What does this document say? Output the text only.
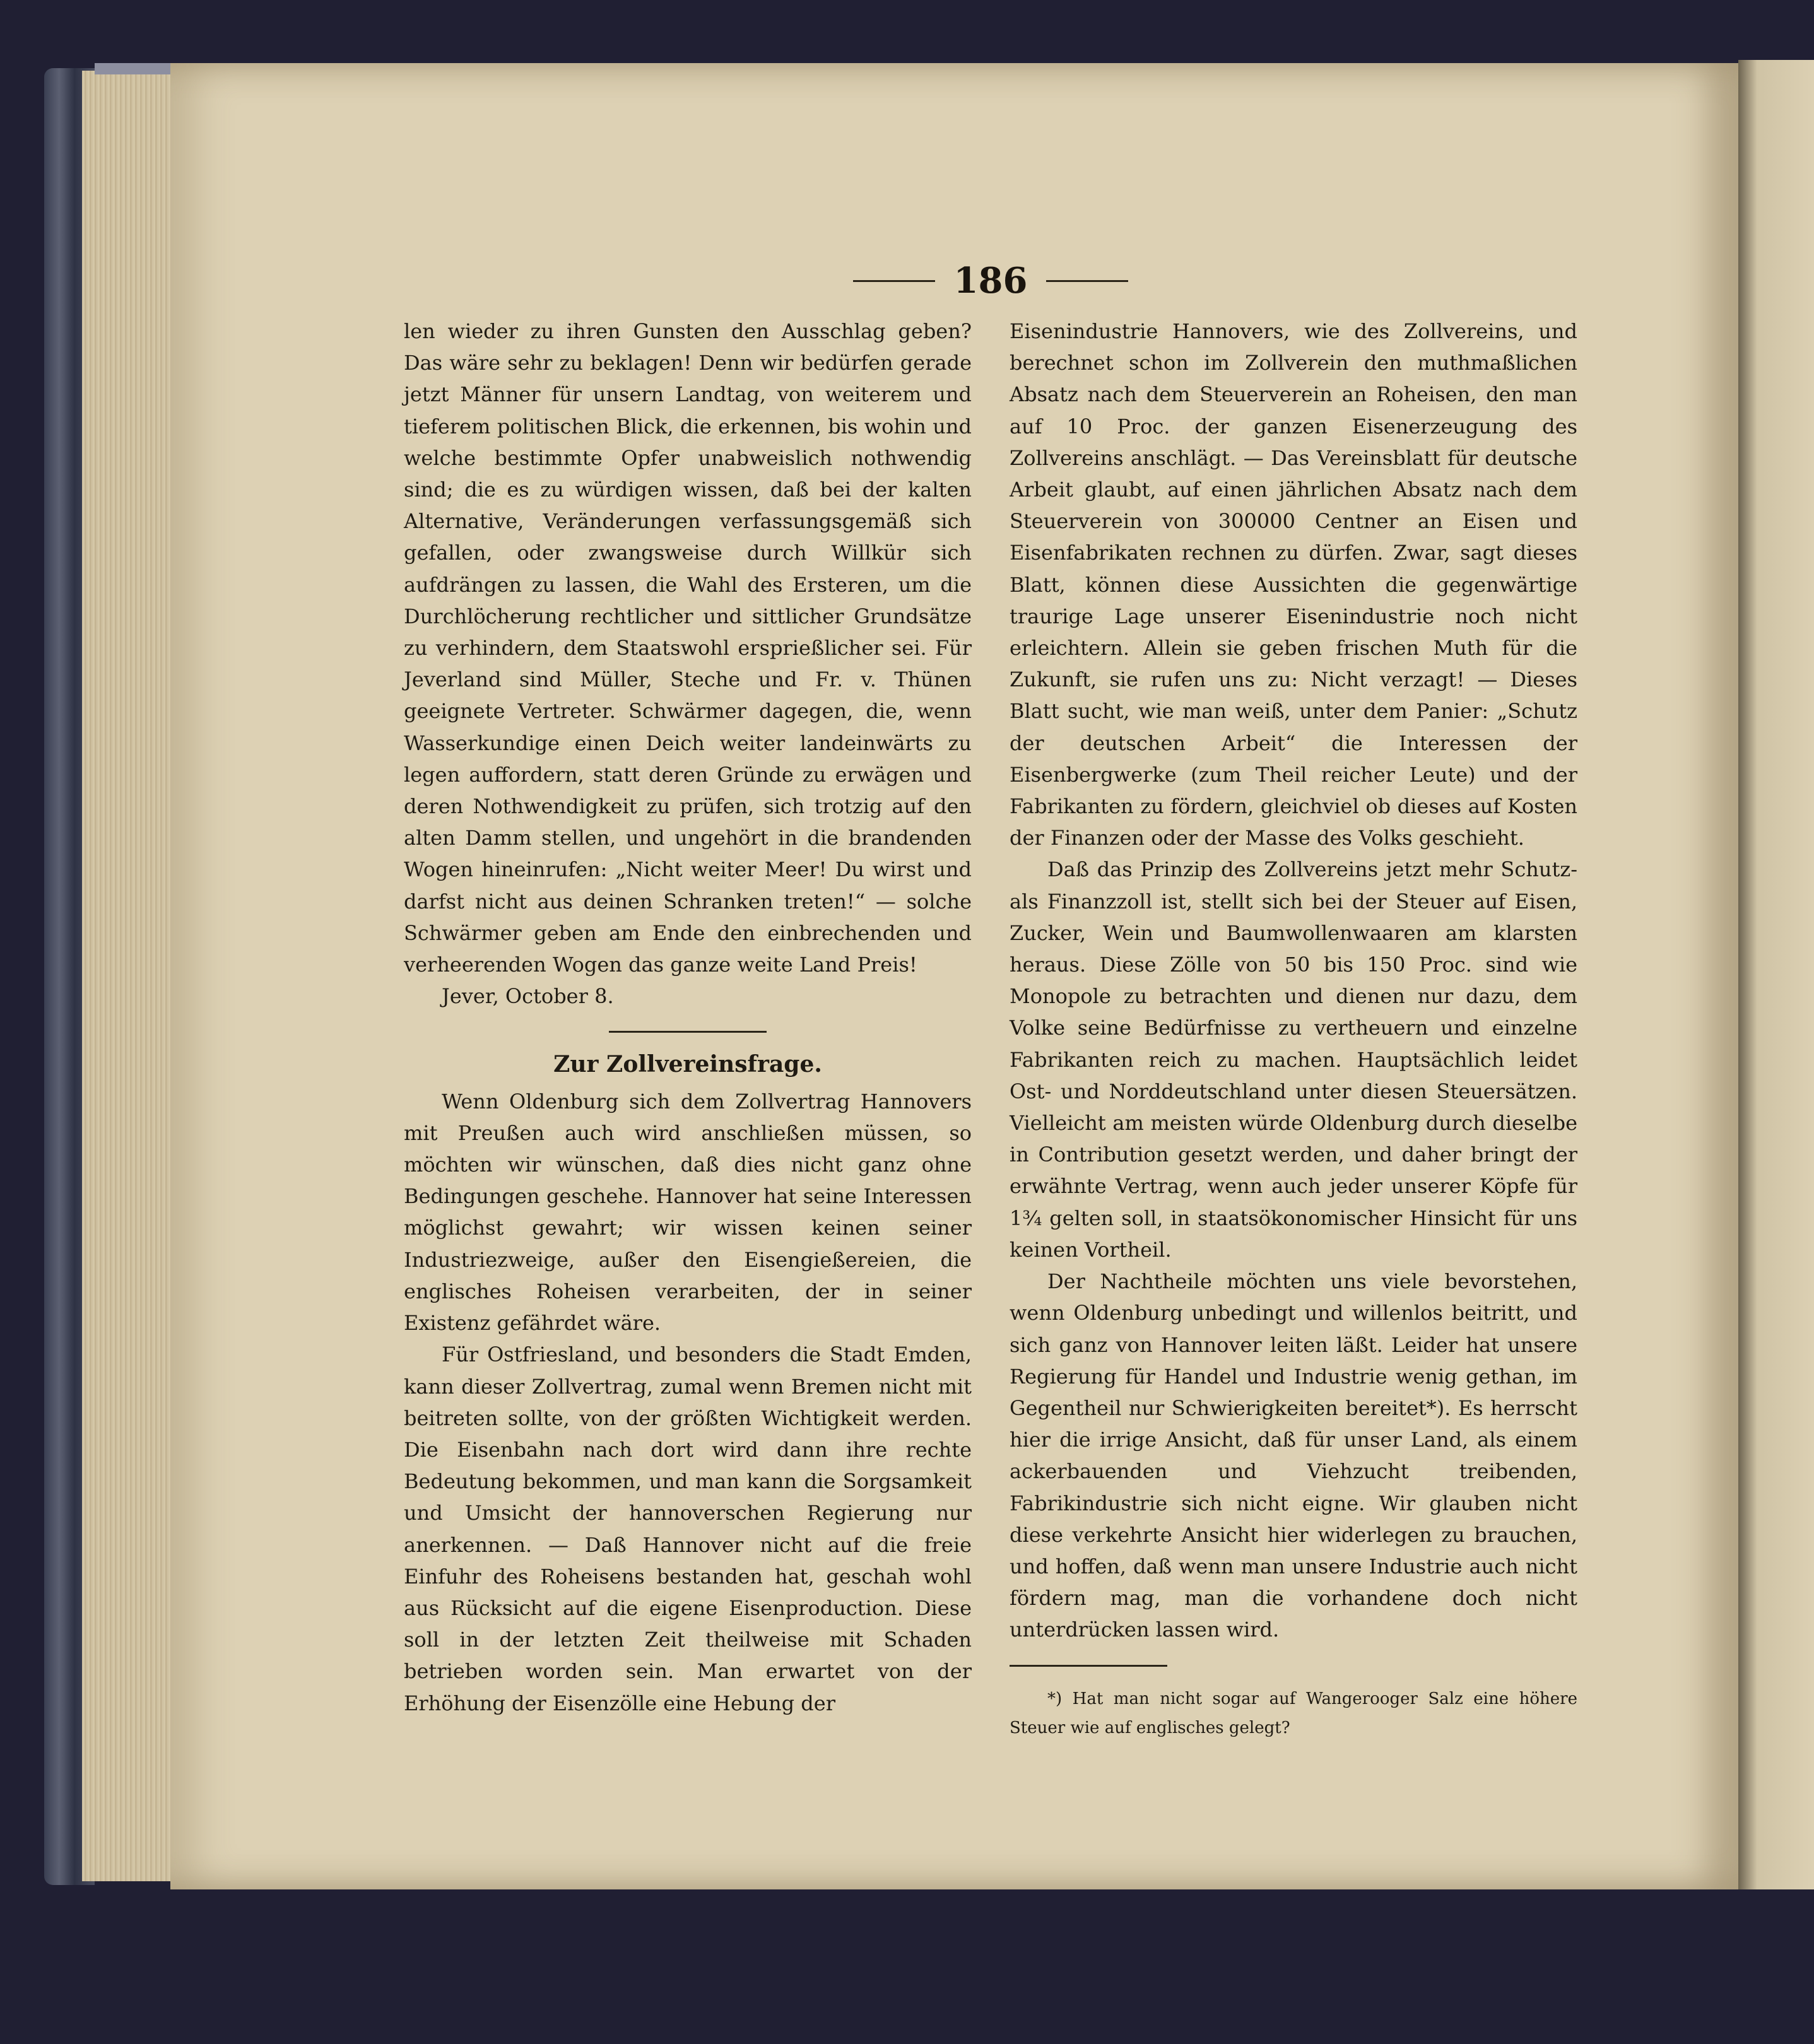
186

len wieder zu ihren Gunsten den Ausschlag geben? Das wäre sehr zu beklagen! Denn wir bedürfen gerade jetzt Männer für unsern Landtag, von weiterem und tieferem politischen Blick, die erkennen, bis wohin und welche bestimmte Opfer unabweislich nothwendig sind; die es zu würdigen wissen, daß bei der kalten Alternative, Veränderungen verfassungsgemäß sich gefallen, oder zwangsweise durch Willkür sich aufdrängen zu lassen, die Wahl des Ersteren, um die Durchlöcherung rechtlicher und sittlicher Grundsätze zu verhindern, dem Staatswohl ersprießlicher sei. Für Jeverland sind Müller, Steche und Fr. v. Thünen geeignete Vertreter. Schwärmer dagegen, die, wenn Wasserkundige einen Deich weiter landeinwärts zu legen auffordern, statt deren Gründe zu erwägen und deren Nothwendigkeit zu prüfen, sich trotzig auf den alten Damm stellen, und ungehört in die brandenden Wogen hineinrufen: „Nicht weiter Meer! Du wirst und darfst nicht aus deinen Schranken treten!“ — solche Schwärmer geben am Ende den einbrechenden und verheerenden Wogen das ganze weite Land Preis!

Jever, October 8.

Zur Zollvereinsfrage.

Wenn Oldenburg sich dem Zollvertrag Hannovers mit Preußen auch wird anschließen müssen, so möchten wir wünschen, daß dies nicht ganz ohne Bedingungen geschehe. Hannover hat seine Interessen möglichst gewahrt; wir wissen keinen seiner Industriezweige, außer den Eisengießereien, die englisches Roheisen verarbeiten, der in seiner Existenz gefährdet wäre.

Für Ostfriesland, und besonders die Stadt Emden, kann dieser Zollvertrag, zumal wenn Bremen nicht mit beitreten sollte, von der größten Wichtigkeit werden. Die Eisenbahn nach dort wird dann ihre rechte Bedeutung bekommen, und man kann die Sorgsamkeit und Umsicht der hannoverschen Regierung nur anerkennen. — Daß Hannover nicht auf die freie Einfuhr des Roheisens bestanden hat, geschah wohl aus Rücksicht auf die eigene Eisenproduction. Diese soll in der letzten Zeit theilweise mit Schaden betrieben worden sein. Man erwartet von der Erhöhung der Eisenzölle eine Hebung der

Eisenindustrie Hannovers, wie des Zollvereins, und berechnet schon im Zollverein den muthmaßlichen Absatz nach dem Steuerverein an Roheisen, den man auf 10 Proc. der ganzen Eisenerzeugung des Zollvereins anschlägt. — Das Vereinsblatt für deutsche Arbeit glaubt, auf einen jährlichen Absatz nach dem Steuerverein von 300000 Centner an Eisen und Eisenfabrikaten rechnen zu dürfen. Zwar, sagt dieses Blatt, können diese Aussichten die gegenwärtige traurige Lage unserer Eisenindustrie noch nicht erleichtern. Allein sie geben frischen Muth für die Zukunft, sie rufen uns zu: Nicht verzagt! — Dieses Blatt sucht, wie man weiß, unter dem Panier: „Schutz der deutschen Arbeit“ die Interessen der Eisenbergwerke (zum Theil reicher Leute) und der Fabrikanten zu fördern, gleichviel ob dieses auf Kosten der Finanzen oder der Masse des Volks geschieht.

Daß das Prinzip des Zollvereins jetzt mehr Schutz- als Finanzzoll ist, stellt sich bei der Steuer auf Eisen, Zucker, Wein und Baumwollenwaaren am klarsten heraus. Diese Zölle von 50 bis 150 Proc. sind wie Monopole zu betrachten und dienen nur dazu, dem Volke seine Bedürfnisse zu vertheuern und einzelne Fabrikanten reich zu machen. Hauptsächlich leidet Ost- und Norddeutschland unter diesen Steuersätzen. Vielleicht am meisten würde Oldenburg durch dieselbe in Contribution gesetzt werden, und daher bringt der erwähnte Vertrag, wenn auch jeder unserer Köpfe für 1¾ gelten soll, in staatsökonomischer Hinsicht für uns keinen Vortheil.

Der Nachtheile möchten uns viele bevorstehen, wenn Oldenburg unbedingt und willenlos beitritt, und sich ganz von Hannover leiten läßt. Leider hat unsere Regierung für Handel und Industrie wenig gethan, im Gegentheil nur Schwierigkeiten bereitet*). Es herrscht hier die irrige Ansicht, daß für unser Land, als einem ackerbauenden und Viehzucht treibenden, Fabrikindustrie sich nicht eigne. Wir glauben nicht diese verkehrte Ansicht hier widerlegen zu brauchen, und hoffen, daß wenn man unsere Industrie auch nicht fördern mag, man die vorhandene doch nicht unterdrücken lassen wird.

*) Hat man nicht sogar auf Wangerooger Salz eine höhere Steuer wie auf englisches gelegt?
